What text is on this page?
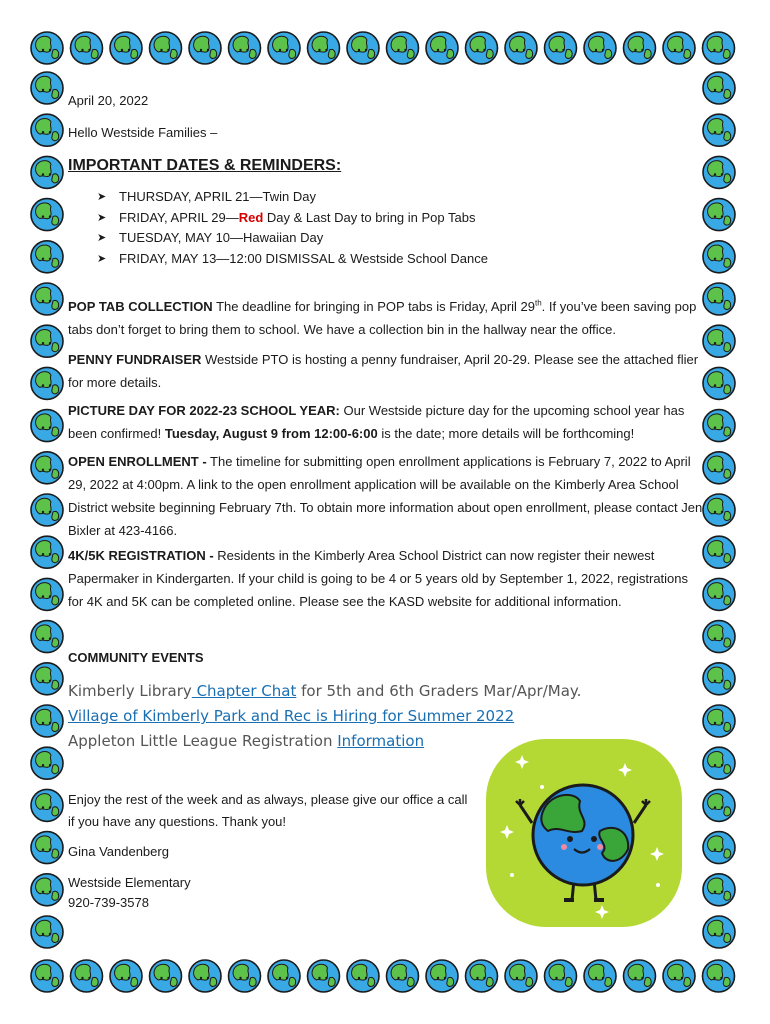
April 20, 2022
Hello Westside Families –
IMPORTANT DATES & REMINDERS:
➤ THURSDAY, APRIL 21—Twin Day
➤ FRIDAY, APRIL 29—Red Day & Last Day to bring in Pop Tabs
➤ TUESDAY, MAY 10—Hawaiian Day
➤ FRIDAY, MAY 13—12:00 DISMISSAL & Westside School Dance

POP TAB COLLECTION The deadline for bringing in POP tabs is Friday, April 29th. If you’ve been saving pop tabs don’t forget to bring them to school. We have a collection bin in the hallway near the office.

PENNY FUNDRAISER Westside PTO is hosting a penny fundraiser, April 20-29. Please see the attached flier for more details.

PICTURE DAY FOR 2022-23 SCHOOL YEAR: Our Westside picture day for the upcoming school year has been confirmed! Tuesday, August 9 from 12:00-6:00 is the date; more details will be forthcoming!

OPEN ENROLLMENT - The timeline for submitting open enrollment applications is February 7, 2022 to April 29, 2022 at 4:00pm. A link to the open enrollment application will be available on the Kimberly Area School District website beginning February 7th. To obtain more information about open enrollment, please contact Jen Bixler at 423-4166.

4K/5K REGISTRATION - Residents in the Kimberly Area School District can now register their newest Papermaker in Kindergarten. If your child is going to be 4 or 5 years old by September 1, 2022, registrations for 4K and 5K can be completed online. Please see the KASD website for additional information.

COMMUNITY EVENTS
Kimberly Library Chapter Chat for 5th and 6th Graders Mar/Apr/May.
Village of Kimberly Park and Rec is Hiring for Summer 2022
Appleton Little League Registration Information
Enjoy the rest of the week and as always, please give our office a call if you have any questions. Thank you!
Gina Vandenberg
Westside Elementary
920-739-3578
